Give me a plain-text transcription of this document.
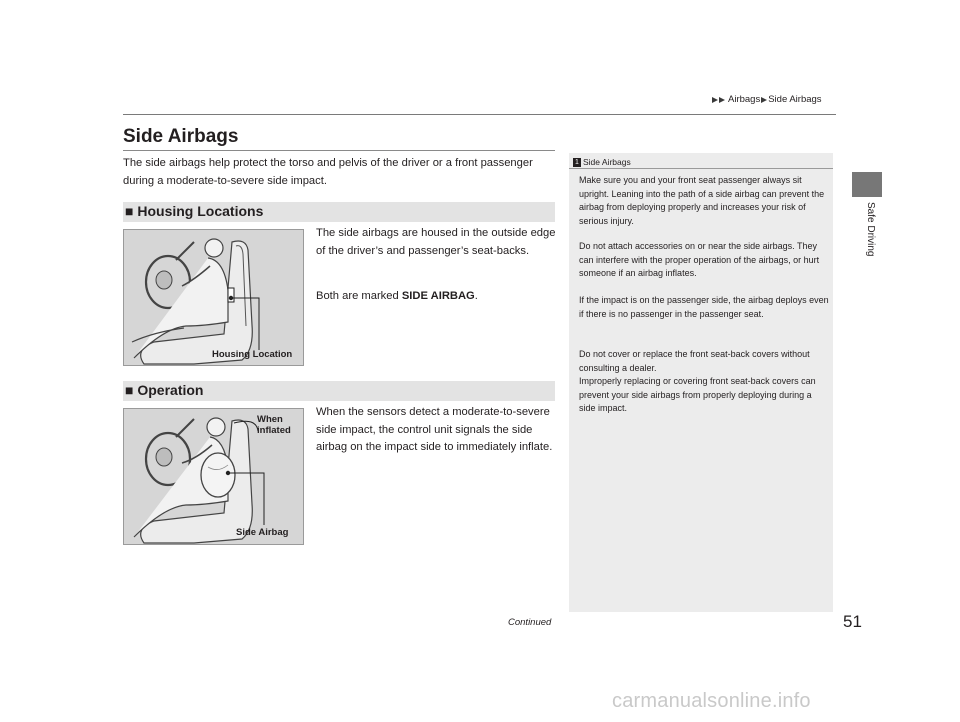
Airbags Side Airbags
Safe Driving
Side Airbags
The side airbags help protect the torso and pelvis of the driver or a front passenger during a moderate-to-severe side impact.
■ Housing Locations
Housing Location
The side airbags are housed in the outside edge of the driver’s and passenger’s seat-backs.
Both are marked SIDE AIRBAG.
■ Operation
When inflated
Side Airbag
When the sensors detect a moderate-to-severe side impact, the control unit signals the side airbag on the impact side to immediately inflate.
1 Side Airbags
Make sure you and your front seat passenger always sit upright. Leaning into the path of a side airbag can prevent the airbag from deploying properly and increases your risk of serious injury.
Do not attach accessories on or near the side airbags. They can interfere with the proper operation of the airbags, or hurt someone if an airbag inflates.
If the impact is on the passenger side, the airbag deploys even if there is no passenger in the passenger seat.
Do not cover or replace the front seat-back covers without consulting a dealer.
Improperly replacing or covering front seat-back covers can prevent your side airbags from properly deploying during a side impact.
Continued	51
carmanualsonline.info
